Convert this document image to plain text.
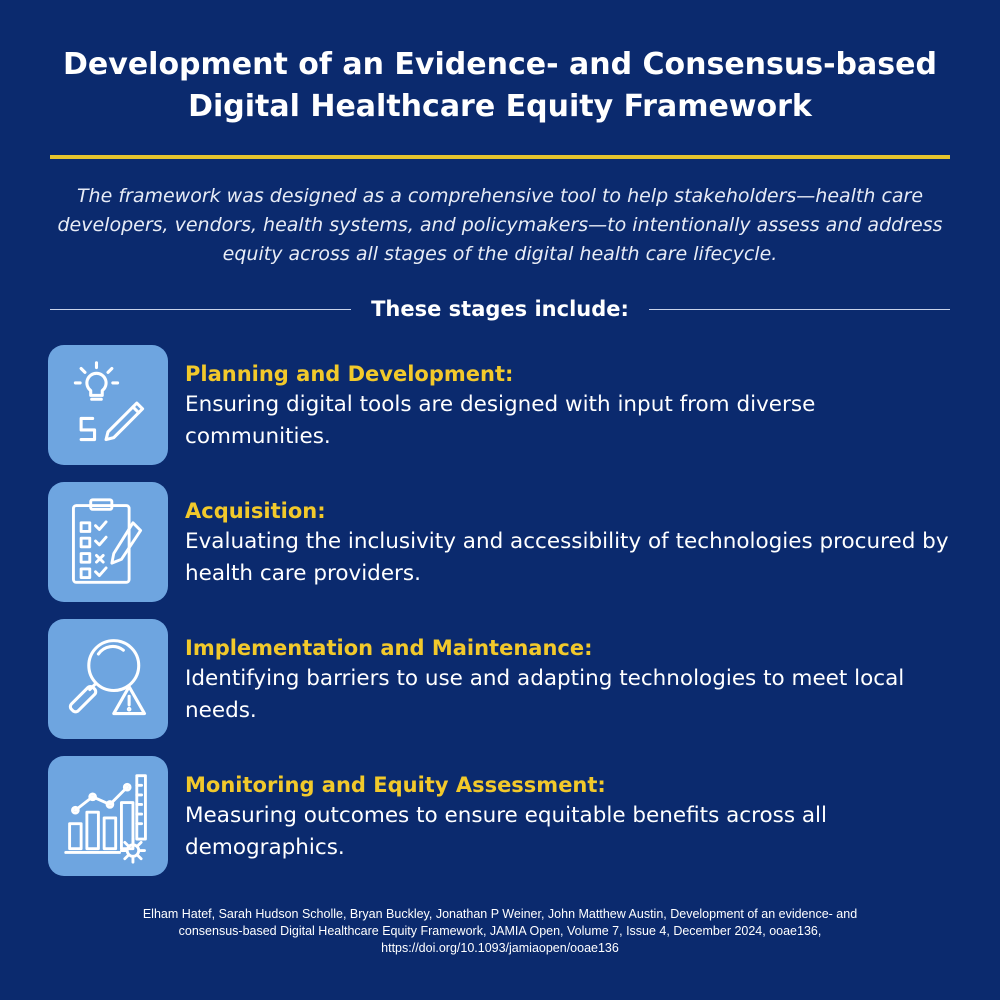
Development of an Evidence- and Consensus-based
Digital Healthcare Equity Framework

The framework was designed as a comprehensive tool to help stakeholders—health care developers, vendors, health systems, and policymakers—to intentionally assess and address equity across all stages of the digital health care lifecycle.

These stages include:
Planning and Development:
Ensuring digital tools are designed with input from diverse communities.
Acquisition:
Evaluating the inclusivity and accessibility of technologies procured by health care providers.
Implementation and Maintenance:
Identifying barriers to use and adapting technologies to meet local needs.
Monitoring and Equity Assessment:
Measuring outcomes to ensure equitable benefits across all demographics.
Elham Hatef, Sarah Hudson Scholle, Bryan Buckley, Jonathan P Weiner, John Matthew Austin, Development of an evidence- and
consensus-based Digital Healthcare Equity Framework, JAMIA Open, Volume 7, Issue 4, December 2024, ooae136,
https://doi.org/10.1093/jamiaopen/ooae136
